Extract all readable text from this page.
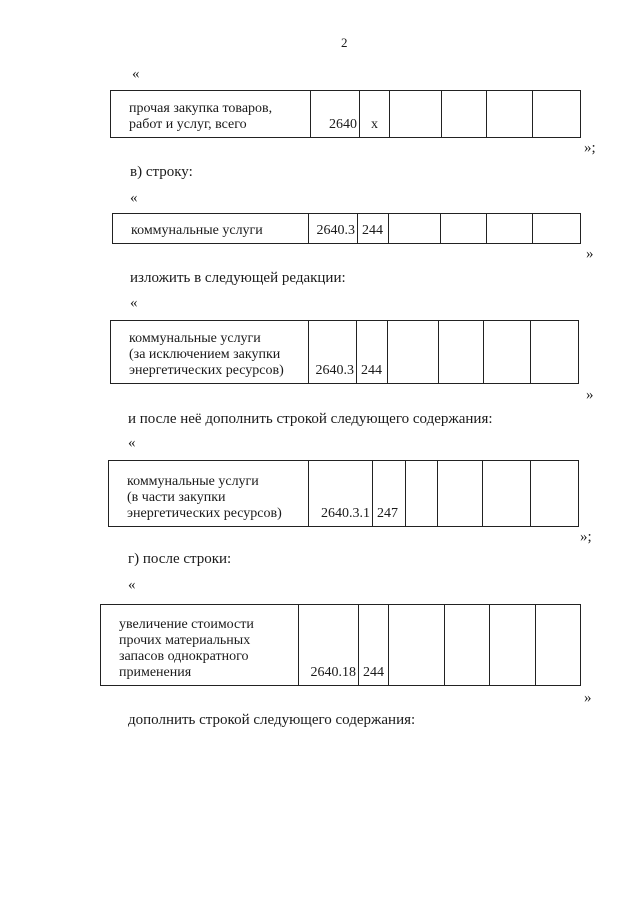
2
«
прочая закупка товаров,
работ и услуг, всего	2640	х				
»;
в) строку:
«
коммунальные услуги	2640.3	244				
»
изложить в следующей редакции:
«
коммунальные услуги
(за исключением закупки
энергетических ресурсов)	2640.3	244				
»
и после неё дополнить строкой следующего содержания:
«
коммунальные услуги
(в части закупки
энергетических ресурсов)	2640.3.1	247				
»;
г) после строки:
«
увеличение стоимости
прочих материальных
запасов однократного
применения	2640.18	244				
»
дополнить строкой следующего содержания:
